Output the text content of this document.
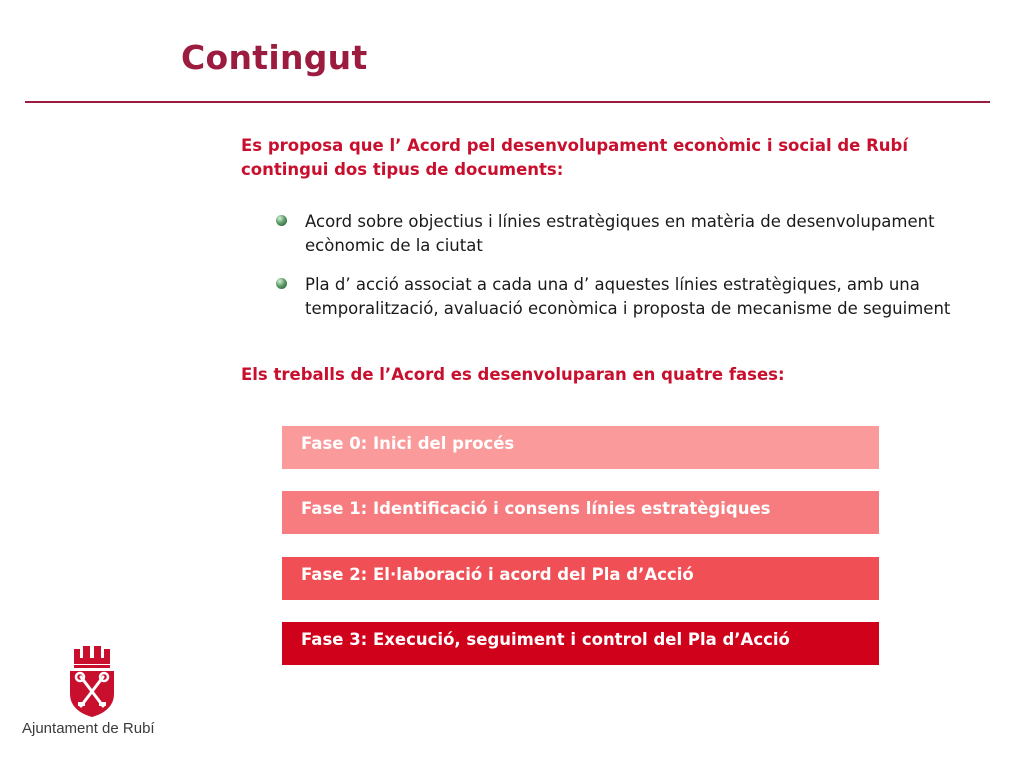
Contingut
Es proposa que l’ Acord pel desenvolupament econòmic i social de Rubí contingui dos tipus de documents:
Acord sobre objectius i línies estratègiques en matèria de desenvolupament ecònomic de la ciutat
Pla d’ acció associat a cada una d’ aquestes línies estratègiques, amb una temporalització, avaluació econòmica i proposta de mecanisme de seguiment
Els treballs de l’Acord es desenvoluparan en quatre fases:
Fase 0: Inici del procés
Fase 1: Identificació i consens línies estratègiques
Fase 2: El·laboració i acord del Pla d’Acció
Fase 3: Execució, seguiment i control del Pla d’Acció
Ajuntament de Rubí
